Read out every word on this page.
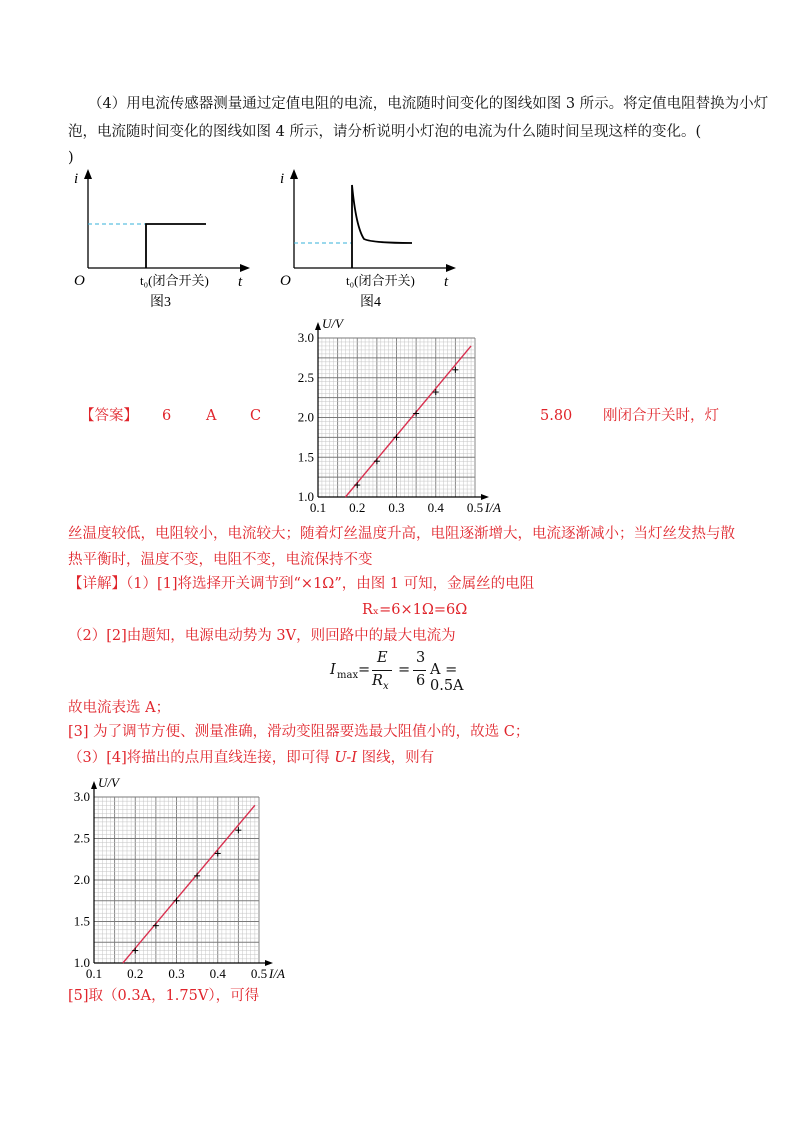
（4）用电流传感器测量通过定值电阻的电流，电流随时间变化的图线如图 3 所示。将定值电阻替换为小灯
泡，电流随时间变化的图线如图 4 所示，请分析说明小灯泡的电流为什么随时间呈现这样的变化。(
)
i
t
O	t₀(闭合开关)
图3
i
t
O	t₀(闭合开关)
图4
0.1 0.2 0.3 0.4 0.5
1.0
1.5
2.0
2.5
3.0
I/A
U/V
【答案】 6 A C	5.80 刚闭合开关时，灯
丝温度较低，电阻较小，电流较大；随着灯丝温度升高，电阻逐渐增大，电流逐渐减小；当灯丝发热与散
热平衡时，温度不变，电阻不变，电流保持不变
【详解】（1）[1]将选择开关调节到“×1Ω”，由图 1 可知，金属丝的电阻
Rₓ=6×1Ω=6Ω
（2）[2]由题知，电源电动势为 3V，则回路中的最大电流为
I max =
E
R x
=
3
6
A = 0.5A
故电流表选 A；
[3] 为了调节方便、测量准确，滑动变阻器要选最大阻值小的，故选 C；
（3）[4]将描出的点用直线连接，即可得 U-I 图线，则有
0.1 0.2 0.3 0.4 0.5
1.0
1.5
2.0
2.5
3.0
I/A
U/V
[5]取（0.3A，1.75V），可得
